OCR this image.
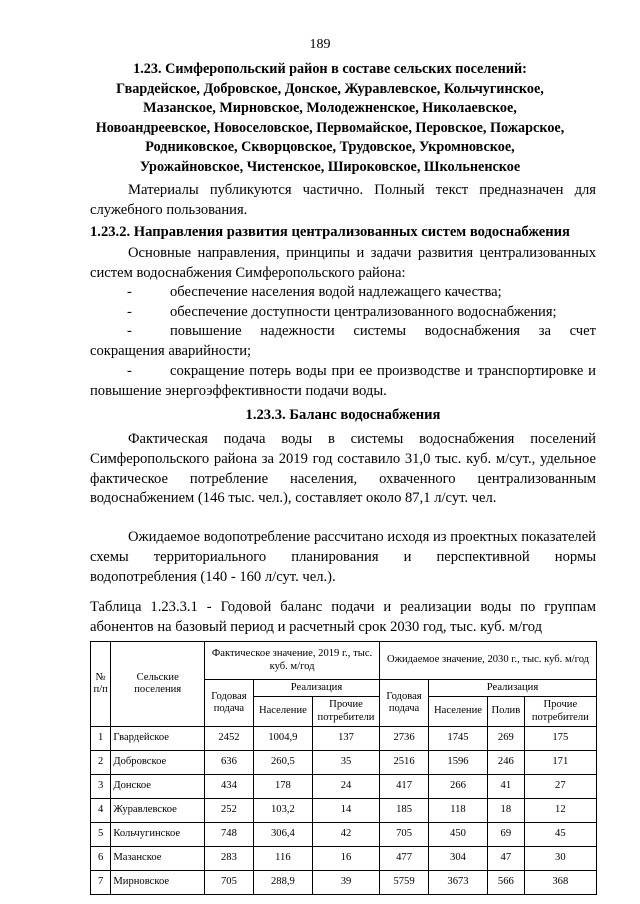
189
1.23. Симферопольский район в составе сельских поселений:
Гвардейское, Добровское, Донское, Журавлевское, Кольчугинское,
Мазанское, Мирновское, Молодежненское, Николаевское,
Новоандреевское, Новоселовское, Первомайское, Перовское, Пожарское,
Родниковское, Скворцовское, Трудовское, Укромновское,
Урожайновское, Чистенское, Широковское, Школьненское
Материалы публикуются частично. Полный текст предназначен для служебного пользования.
1.23.2. Направления развития централизованных систем водоснабжения
Основные направления, принципы и задачи развития централизованных систем водоснабжения Симферопольского района:
-	обеспечение населения водой надлежащего качества;
-	обеспечение доступности централизованного водоснабжения;
-	повышение надежности системы водоснабжения за счет сокращения аварийности;
-	сокращение потерь воды при ее производстве и транспортировке и повышение энергоэффективности подачи воды.
1.23.3. Баланс водоснабжения
Фактическая подача воды в системы водоснабжения поселений Симферопольского района за 2019 год составило 31,0 тыс. куб. м/сут., удельное фактическое потребление населения, охваченного централизованным водоснабжением (146 тыс. чел.), составляет около 87,1 л/сут. чел.
Ожидаемое водопотребление рассчитано исходя из проектных показателей схемы территориального планирования и перспективной нормы водопотребления (140 - 160 л/сут. чел.).
Таблица 1.23.3.1 - Годовой баланс подачи и реализации воды по группам абонентов на базовый период и расчетный срок 2030 год, тыс. куб. м/год
№ п/п	Сельские поселения	Фактическое значение, 2019 г., тыс. куб. м/год			Ожидаемое значение, 2030 г., тыс. куб. м/год			
		Годовая подача	Реализация		Годовая подача	Реализация		
			Население	Прочие потребители		Население	Полив	Прочие потребители
1	Гвардейское	2452	1004,9	137	2736	1745	269	175
2	Добровское	636	260,5	35	2516	1596	246	171
3	Донское	434	178	24	417	266	41	27
4	Журавлевское	252	103,2	14	185	118	18	12
5	Кольчугинское	748	306,4	42	705	450	69	45
6	Мазанское	283	116	16	477	304	47	30
7	Мирновское	705	288,9	39	5759	3673	566	368
